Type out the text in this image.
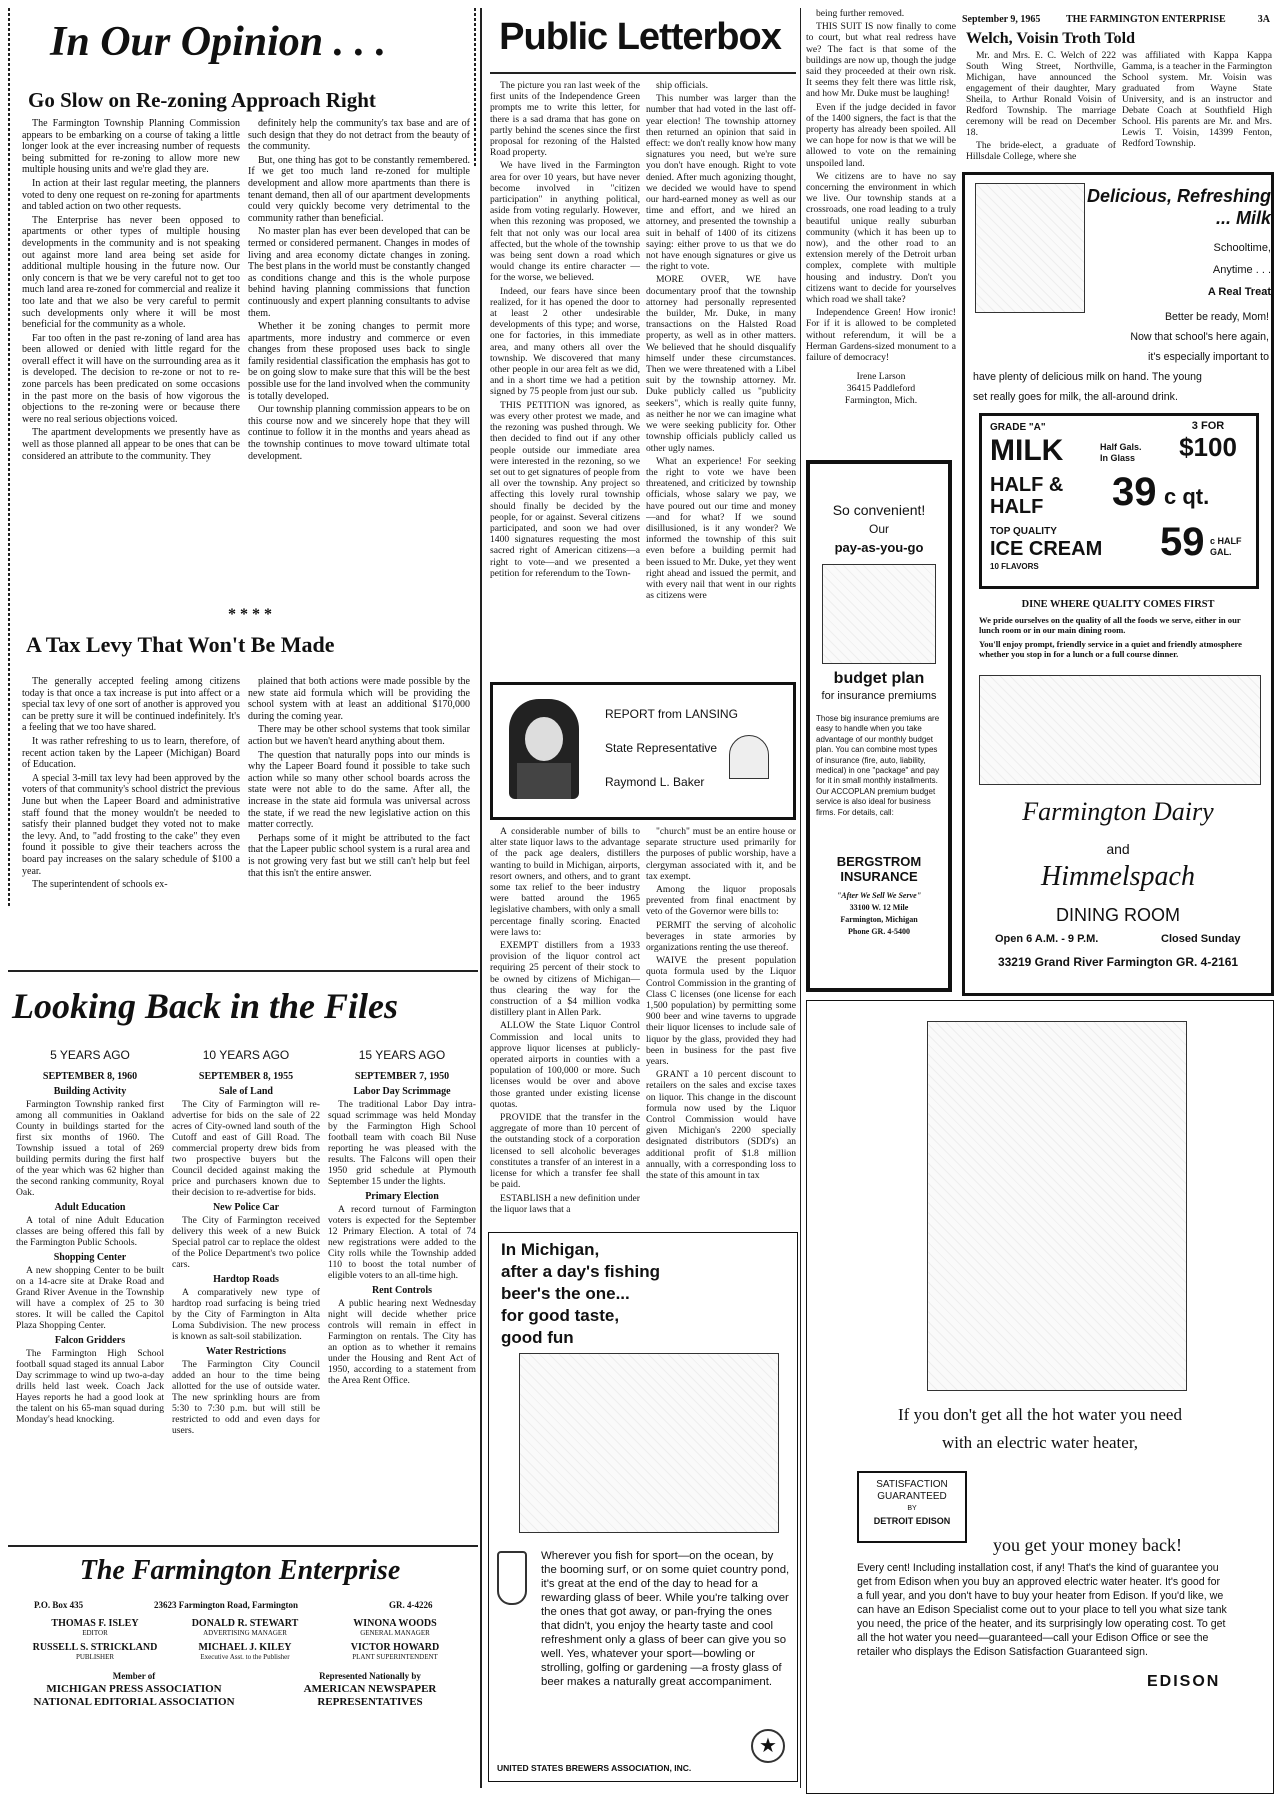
In Our Opinion . . .
Go Slow on Re-zoning Approach Right

The Farmington Township Planning Commission appears to be embarking on a course of taking a little longer look at the ever increasing number of requests being submitted for re-zoning to allow more new multiple housing units and we're glad they are.

In action at their last regular meeting, the planners voted to deny one request on re-zoning for apartments and tabled action on two other requests.

The Enterprise has never been opposed to apartments or other types of multiple housing developments in the community and is not speaking out against more land area being set aside for additional multiple housing in the future now. Our only concern is that we be very careful not to get too much land area re-zoned for commercial and realize it too late and that we also be very careful to permit such developments only where it will be most beneficial for the community as a whole.

Far too often in the past re-zoning of land area has been allowed or denied with little regard for the overall effect it will have on the surrounding area as it is developed. The decision to re-zone or not to re-zone parcels has been predicated on some occasions in the past more on the basis of how vigorous the objections to the re-zoning were or because there were no real serious objections voiced.

The apartment developments we presently have as well as those planned all appear to be ones that can be considered an attribute to the community. They

definitely help the community's tax base and are of such design that they do not detract from the beauty of the community.

But, one thing has got to be constantly remembered. If we get too much land re-zoned for multiple development and allow more apartments than there is tenant demand, then all of our apartment developments could very quickly become very detrimental to the community rather than beneficial.

No master plan has ever been developed that can be termed or considered permanent. Changes in modes of living and area economy dictate changes in zoning. The best plans in the world must be constantly changed as conditions change and this is the whole purpose behind having planning commissions that function continuously and expert planning consultants to advise them.

Whether it be zoning changes to permit more apartments, more industry and commerce or even changes from these proposed uses back to single family residential classification the emphasis has got to be on going slow to make sure that this will be the best possible use for the land involved when the community is totally developed.

Our township planning commission appears to be on this course now and we sincerely hope that they will continue to follow it in the months and years ahead as the township continues to move toward ultimate total development.

* * * *
A Tax Levy That Won't Be Made

The generally accepted feeling among citizens today is that once a tax increase is put into affect or a special tax levy of one sort of another is approved you can be pretty sure it will be continued indefinitely. It's a feeling that we too have shared.

It was rather refreshing to us to learn, therefore, of recent action taken by the Lapeer (Michigan) Board of Education.

A special 3-mill tax levy had been approved by the voters of that community's school district the previous June but when the Lapeer Board and administrative staff found that the money wouldn't be needed to satisfy their planned budget they voted not to make the levy. And, to "add frosting to the cake" they even found it possible to give their teachers across the board pay increases on the salary schedule of $100 a year.

The superintendent of schools ex-

plained that both actions were made possible by the new state aid formula which will be providing the school system with at least an additional $170,000 during the coming year.

There may be other school systems that took similar action but we haven't heard anything about them.

The question that naturally pops into our minds is why the Lapeer Board found it possible to take such action while so many other school boards across the state were not able to do the same. After all, the increase in the state aid formula was universal across the state, if we read the new legislative action on this matter correctly.

Perhaps some of it might be attributed to the fact that the Lapeer public school system is a rural area and is not growing very fast but we still can't help but feel that this isn't the entire answer.

Looking Back in the Files
5 YEARS AGO
SEPTEMBER 8, 1960
Building Activity

Farmington Township ranked first among all communities in Oakland County in buildings started for the first six months of 1960. The Township issued a total of 269 building permits during the first half of the year which was 62 higher than the second ranking community, Royal Oak.

Adult Education

A total of nine Adult Education classes are being offered this fall by the Farmington Public Schools.

Shopping Center

A new shopping Center to be built on a 14-acre site at Drake Road and Grand River Avenue in the Township will have a complex of 25 to 30 stores. It will be called the Capitol Plaza Shopping Center.

Falcon Gridders

The Farmington High School football squad staged its annual Labor Day scrimmage to wind up two-a-day drills held last week. Coach Jack Hayes reports he had a good look at the talent on his 65-man squad during Monday's head knocking.

10 YEARS AGO
SEPTEMBER 8, 1955
Sale of Land

The City of Farmington will re-advertise for bids on the sale of 22 acres of City-owned land south of the Cutoff and east of Gill Road. The commercial property drew bids from two prospective buyers but the Council decided against making the price and purchasers known due to their decision to re-advertise for bids.

New Police Car

The City of Farmington received delivery this week of a new Buick Special patrol car to replace the oldest of the Police Department's two police cars.

Hardtop Roads

A comparatively new type of hardtop road surfacing is being tried by the City of Farmington in Alta Loma Subdivision. The new process is known as salt-soil stabilization.

Water Restrictions

The Farmington City Council added an hour to the time being allotted for the use of outside water. The new sprinkling hours are from 5:30 to 7:30 p.m. but will still be restricted to odd and even days for users.

15 YEARS AGO
SEPTEMBER 7, 1950
Labor Day Scrimmage

The traditional Labor Day intra-squad scrimmage was held Monday by the Farmington High School football team with coach Bil Nuse reporting he was pleased with the results. The Falcons will open their 1950 grid schedule at Plymouth September 15 under the lights.

Primary Election

A record turnout of Farmington voters is expected for the September 12 Primary Election. A total of 74 new registrations were added to the City rolls while the Township added 110 to boost the total number of eligible voters to an all-time high.

Rent Controls

A public hearing next Wednesday night will decide whether price controls will remain in effect in Farmington on rentals. The City has an option as to whether it remains under the Housing and Rent Act of 1950, according to a statement from the Area Rent Office.

The Farmington Enterprise
P.O. Box 435	23623 Farmington Road, Farmington	GR. 4-4226
THOMAS F. ISLEY
EDITOR
DONALD R. STEWART
ADVERTISING MANAGER
WINONA WOODS
GENERAL MANAGER
RUSSELL S. STRICKLAND
PUBLISHER
MICHAEL J. KILEY
Executive Asst. to the Publisher
VICTOR HOWARD
PLANT SUPERINTENDENT
Member of
MICHIGAN PRESS ASSOCIATION
NATIONAL EDITORIAL ASSOCIATION
Represented Nationally by
AMERICAN NEWSPAPER
REPRESENTATIVES
Public Letterbox

The picture you ran last week of the first units of the Independence Green prompts me to write this letter, for there is a sad drama that has gone on partly behind the scenes since the first proposal for rezoning of the Halsted Road property.

We have lived in the Farmington area for over 10 years, but have never become involved in "citizen participation" in anything political, aside from voting regularly. However, when this rezoning was proposed, we felt that not only was our local area affected, but the whole of the township was being sent down a road which would change its entire character — for the worse, we believed.

Indeed, our fears have since been realized, for it has opened the door to at least 2 other undesirable developments of this type; and worse, one for factories, in this immediate area, and many others all over the township. We discovered that many other people in our area felt as we did, and in a short time we had a petition signed by 75 people from just our sub.

THIS PETITION was ignored, as was every other protest we made, and the rezoning was pushed through. We then decided to find out if any other people outside our immediate area were interested in the rezoning, so we set out to get signatures of people from all over the township. Any project so affecting this lovely rural township should finally be decided by the people, for or against. Several citizens participated, and soon we had over 1400 signatures requesting the most sacred right of American citizens—a right to vote—and we presented a petition for referendum to the Town-

ship officials.

This number was larger than the number that had voted in the last off-year election! The township attorney then returned an opinion that said in effect: we don't really know how many signatures you need, but we're sure you don't have enough. Right to vote denied. After much agonizing thought, we decided we would have to spend our hard-earned money as well as our time and effort, and we hired an attorney, and presented the township a suit in behalf of 1400 of its citizens saying: either prove to us that we do not have enough signatures or give us the right to vote.

MORE OVER, WE have documentary proof that the township attorney had personally represented the builder, Mr. Duke, in many transactions on the Halsted Road property, as well as in other matters. We believed that he should disqualify himself under these circumstances. Then we were threatened with a Libel suit by the township attorney. Mr. Duke publicly called us "publicity seekers", which is really quite funny, as neither he nor we can imagine what we were seeking publicity for. Other township officials publicly called us other ugly names.

What an experience! For seeking the right to vote we have been threatened, and criticized by township officials, whose salary we pay, we have poured out our time and money—and for what? If we sound disillusioned, is it any wonder? We informed the township of this suit even before a building permit had been issued to Mr. Duke, yet they went right ahead and issued the permit, and with every nail that went in our rights as citizens were

being further removed.

THIS SUIT IS now finally to come to court, but what real redress have we? The fact is that some of the buildings are now up, though the judge said they proceeded at their own risk. It seems they felt there was little risk, and how Mr. Duke must be laughing!

Even if the judge decided in favor of the 1400 signers, the fact is that the property has already been spoiled. All we can hope for now is that we will be allowed to vote on the remaining unspoiled land.

We citizens are to have no say concerning the environment in which we live. Our township stands at a crossroads, one road leading to a truly beautiful unique really suburban community (which it has been up to now), and the other road to an extension merely of the Detroit urban complex, complete with multiple housing and industry. Don't you citizens want to decide for yourselves which road we shall take?

Independence Green! How ironic! For if it is allowed to be completed without referendum, it will be a Herman Gardens-sized monument to a failure of democracy!

Irene Larson
36415 Paddleford
Farmington, Mich.
REPORT from LANSING
State Representative
Raymond L. Baker

A considerable number of bills to alter state liquor laws to the advantage of the pack age dealers, distillers wanting to build in Michigan, airports, resort owners, and others, and to grant some tax relief to the beer industry were batted around the 1965 legislative chambers, with only a small percentage finally scoring. Enacted were laws to:

EXEMPT distillers from a 1933 provision of the liquor control act requiring 25 percent of their stock to be owned by citizens of Michigan—thus clearing the way for the construction of a $4 million vodka distillery plant in Allen Park.

ALLOW the State Liquor Control Commission and local units to approve liquor licenses at publicly-operated airports in counties with a population of 100,000 or more. Such licenses would be over and above those granted under existing license quotas.

PROVIDE that the transfer in the aggregate of more than 10 percent of the outstanding stock of a corporation licensed to sell alcoholic beverages constitutes a transfer of an interest in a license for which a transfer fee shall be paid.

ESTABLISH a new definition under the liquor laws that a

"church" must be an entire house or separate structure used primarily for the purposes of public worship, have a clergyman associated with it, and be tax exempt.

Among the liquor proposals prevented from final enactment by veto of the Governor were bills to:

PERMIT the serving of alcoholic beverages in state armories by organizations renting the use thereof.

WAIVE the present population quota formula used by the Liquor Control Commission in the granting of Class C licenses (one license for each 1,500 population) by permitting some 900 beer and wine taverns to upgrade their liquor licenses to include sale of liquor by the glass, provided they had been in business for the past five years.

GRANT a 10 percent discount to retailers on the sales and excise taxes on liquor. This change in the discount formula now used by the Liquor Control Commission would have given Michigan's 2200 specially designated distributors (SDD's) an additional profit of $1.8 million annually, with a corresponding loss to the state of this amount in tax

In Michigan,
after a day's fishing
beer's the one...
for good taste,
good fun
Wherever you fish for sport—on the ocean, by the booming surf, or on some quiet country pond, it's great at the end of the day to head for a rewarding glass of beer. While you're talking over the ones that got away, or pan-frying the ones that didn't, you enjoy the hearty taste and cool refreshment only a glass of beer can give you so well. Yes, whatever your sport—bowling or strolling, golfing or gardening —a frosty glass of beer makes a naturally great accompaniment.
UNITED STATES BREWERS ASSOCIATION, INC.
★
So convenient!
Our
pay-as-you-go
budget plan
for insurance premiums
Those big insurance premiums are easy to handle when you take advantage of our monthly budget plan. You can combine most types of insurance (fire, auto, liability, medical) in one "package" and pay for it in small monthly installments. Our ACCOPLAN premium budget service is also ideal for business firms. For details, call:
BERGSTROM
INSURANCE
"After We Sell We Serve"
33100 W. 12 Mile
Farmington, Michigan
Phone GR. 4-5400
September 9, 1965	THE FARMINGTON ENTERPRISE	3A
Welch, Voisin Troth Told

Mr. and Mrs. E. C. Welch of 222 South Wing Street, Northville, Michigan, have announced the engagement of their daughter, Mary Sheila, to Arthur Ronald Voisin of Redford Township. The marriage ceremony will be read on December 18.

The bride-elect, a graduate of Hillsdale College, where she

was affiliated with Kappa Kappa Gamma, is a teacher in the Farmington School system. Mr. Voisin was graduated from Wayne State University, and is an instructor and Debate Coach at Southfield High School. His parents are Mr. and Mrs. Lewis T. Voisin, 14399 Fenton, Redford Township.

Delicious, Refreshing
... Milk
Schooltime,
Anytime . . .
A Real Treat
Better be ready, Mom!
Now that school's here again,
it's especially important to
have plenty of delicious milk on hand. The young
set really goes for milk, the all-around drink.
GRADE "A"
MILK	Half Gals.
In Glass
3 FOR
$100
HALF &
HALF	39 c qt.
TOP QUALITY
ICE CREAM
10 FLAVORS
59 c HALF
GAL.
DINE WHERE QUALITY COMES FIRST

We pride ourselves on the quality of all the foods we serve, either in our lunch room or in our main dining room.

You'll enjoy prompt, friendly service in a quiet and friendly atmosphere whether you stop in for a lunch or a full course dinner.

Farmington Dairy
and
Himmelspach
DINING ROOM
Open 6 A.M. - 9 P.M.	Closed Sunday
33219 Grand River Farmington GR. 4-2161
If you don't get all the hot water you need
with an electric water heater,
SATISFACTION
GUARANTEED
BY
DETROIT EDISON
you get your money back!
Every cent! Including installation cost, if any! That's the kind of guarantee you get from Edison when you buy an approved electric water heater. It's good for a full year, and you don't have to buy your heater from Edison. If you'd like, we can have an Edison Specialist come out to your place to tell you what size tank you need, the price of the heater, and its surprisingly low operating cost. To get all the hot water you need—guaranteed—call your Edison Office or see the retailer who displays the Edison Satisfaction Guaranteed sign.
EDISON
